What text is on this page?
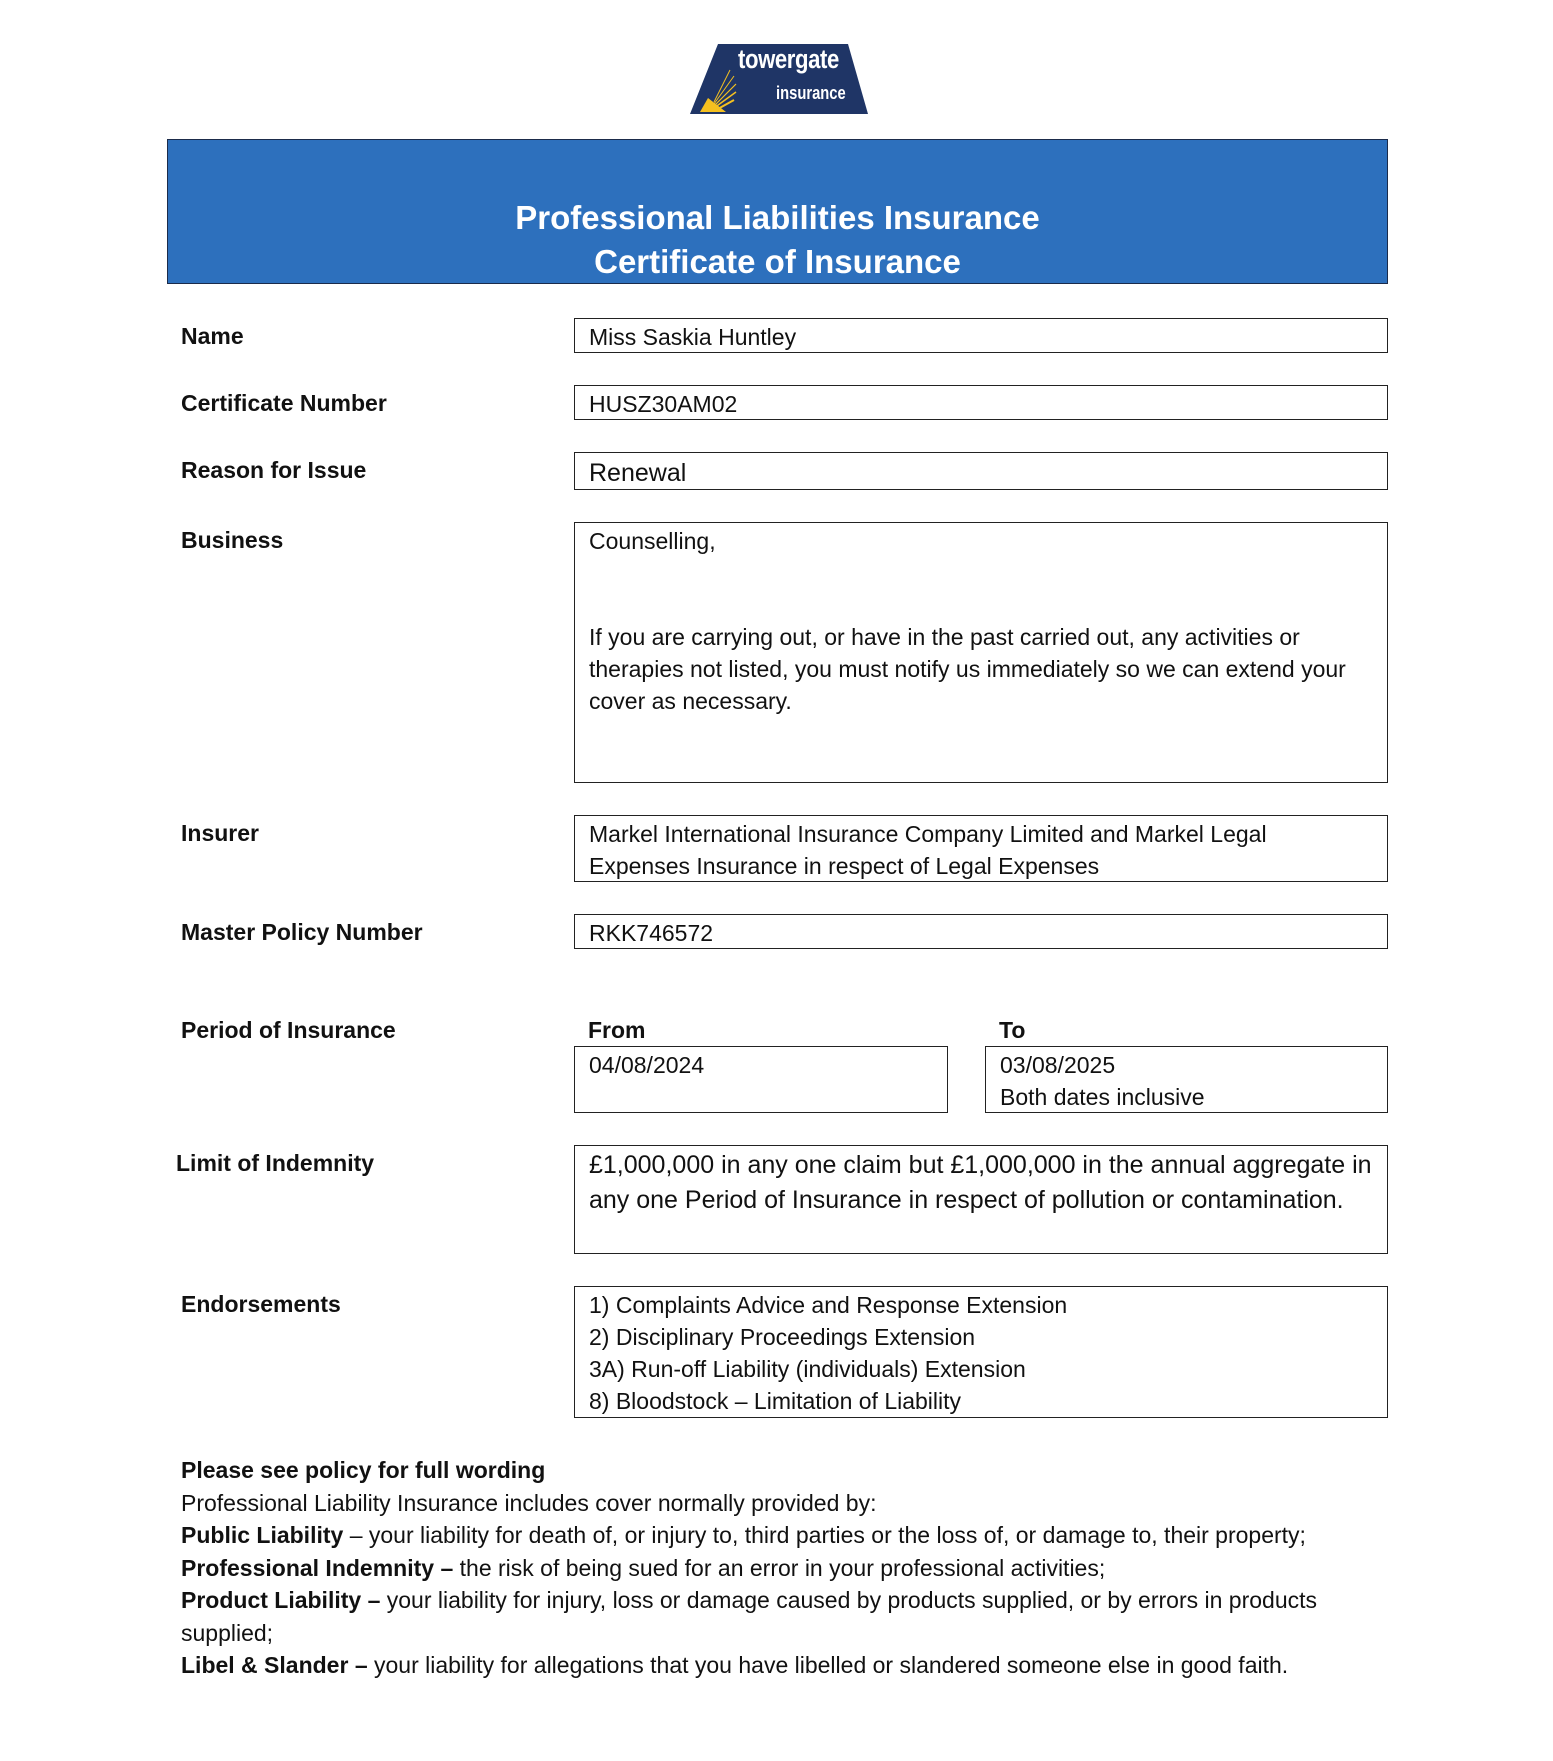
towergate
insurance
Professional Liabilities Insurance
Certificate of Insurance
Name	Miss Saskia Huntley
Certificate Number	HUSZ30AM02
Reason for Issue	Renewal
Business	Counselling,
If you are carrying out, or have in the past carried out, any activities or therapies not listed, you must notify us immediately so we can extend your cover as necessary.
Insurer	Markel International Insurance Company Limited and Markel Legal Expenses Insurance in respect of Legal Expenses
Master Policy Number	RKK746572
Period of Insurance	From	To
04/08/2024	03/08/2025
Both dates inclusive
Limit of Indemnity	£1,000,000 in any one claim but £1,000,000 in the annual aggregate in any one Period of Insurance in respect of pollution or contamination.
Endorsements	1) Complaints Advice and Response Extension
2) Disciplinary Proceedings Extension
3A) Run-off Liability (individuals) Extension
8) Bloodstock – Limitation of Liability
Please see policy for full wording
Professional Liability Insurance includes cover normally provided by:
Public Liability – your liability for death of, or injury to, third parties or the loss of, or damage to, their property;
Professional Indemnity – the risk of being sued for an error in your professional activities;
Product Liability – your liability for injury, loss or damage caused by products supplied, or by errors in products supplied;
Libel & Slander – your liability for allegations that you have libelled or slandered someone else in good faith.
